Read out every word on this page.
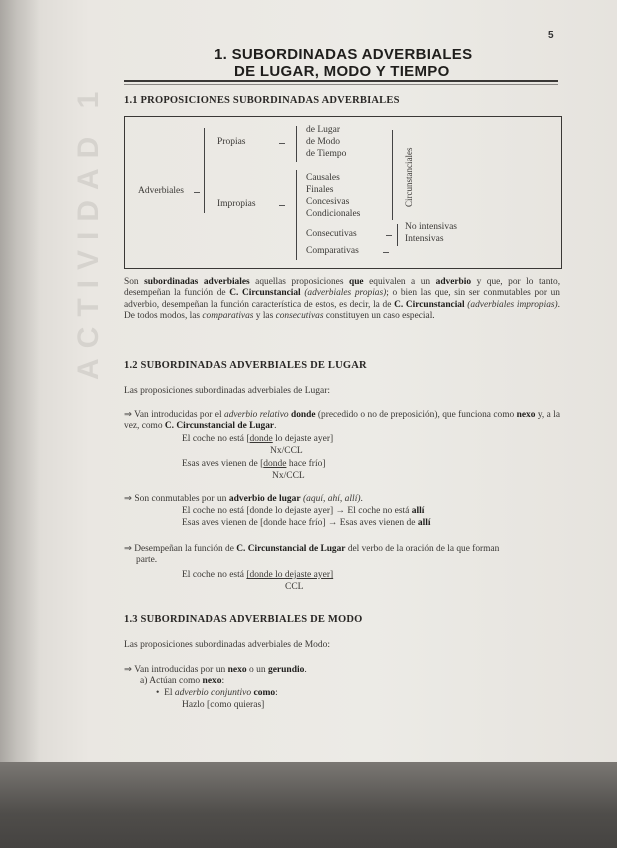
ACTIVIDAD 1
5
1. SUBORDINADAS ADVERBIALES
DE LUGAR, MODO Y TIEMPO
1.1 PROPOSICIONES SUBORDINADAS ADVERBIALES
Adverbiales
Propias
Impropias
de Lugar
de Modo
de Tiempo
Causales
Finales
Concesivas
Condicionales
Consecutivas
Comparativas
Circunstanciales
No intensivas
Intensivas
Son subordinadas adverbiales aquellas proposiciones que equivalen a un adverbio y que, por lo tanto, desempeñan la función de C. Circunstancial (adverbiales propias); o bien las que, sin ser conmutables por un adverbio, desempeñan la función característica de estos, es decir, la de C. Circunstancial (adverbiales impropias). De todos modos, las comparativas y las consecutivas constituyen un caso especial.
1.2 SUBORDINADAS ADVERBIALES DE LUGAR
Las proposiciones subordinadas adverbiales de Lugar:
⇒ Van introducidas por el adverbio relativo donde (precedido o no de preposición), que funciona como nexo y, a la vez, como C. Circunstancial de Lugar.
El coche no está [donde lo dejaste ayer]
Nx/CCL
Esas aves vienen de [donde hace frío]
Nx/CCL
⇒ Son conmutables por un adverbio de lugar (aquí, ahí, allí).
El coche no está [donde lo dejaste ayer] → El coche no está allí
Esas aves vienen de [donde hace frío] → Esas aves vienen de allí
⇒ Desempeñan la función de C. Circunstancial de Lugar del verbo de la oración de la que forman
parte.
El coche no está [donde lo dejaste ayer]
CCL
1.3 SUBORDINADAS ADVERBIALES DE MODO
Las proposiciones subordinadas adverbiales de Modo:
⇒ Van introducidas por un nexo o un gerundio.
a) Actúan como nexo:
• El adverbio conjuntivo como:
Hazlo [como quieras]
